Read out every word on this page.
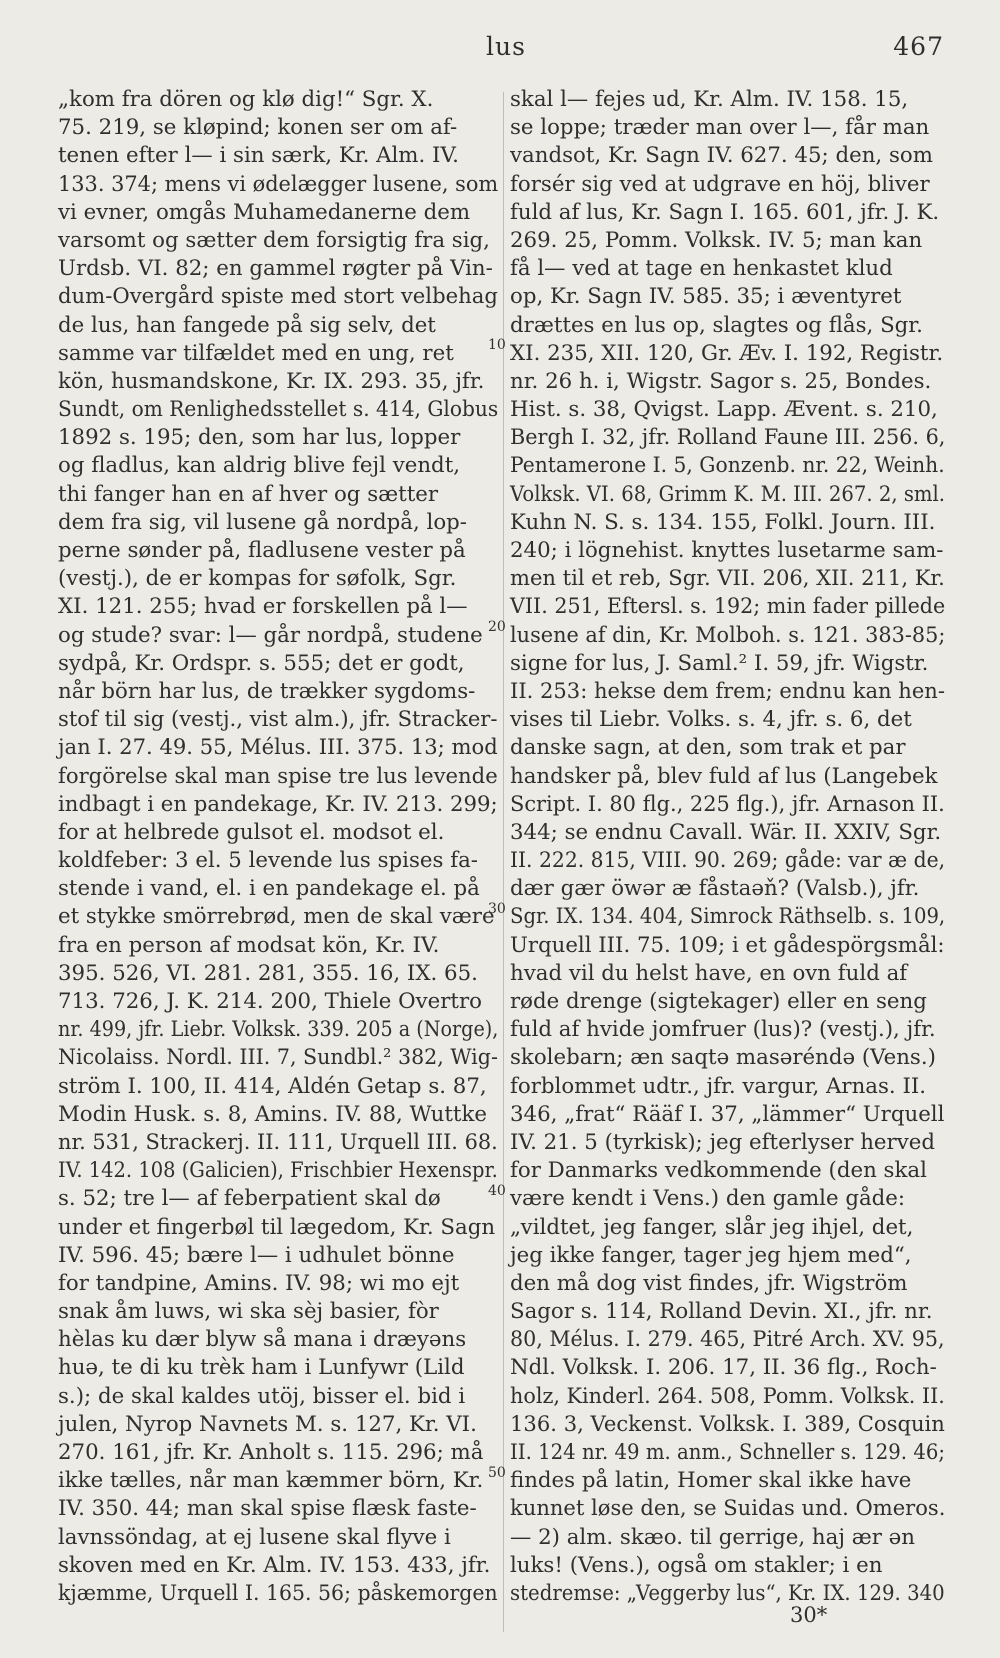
lus	467
„kom fra dören og klø dig!“ Sgr. X.
75. 219, se kløpind; konen ser om af-
tenen efter l— i sin særk, Kr. Alm. IV.
133. 374; mens vi ødelægger lusene, som
vi evner, omgås Muhamedanerne dem
varsomt og sætter dem forsigtig fra sig,
Urdsb. VI. 82; en gammel røgter på Vin-
dum-Overgård spiste med stort velbehag
de lus, han fangede på sig selv, det
samme var tilfældet med en ung, ret
kön, husmandskone, Kr. IX. 293. 35, jfr.
Sundt, om Renlighedsstellet s. 414, Globus
1892 s. 195; den, som har lus, lopper
og fladlus, kan aldrig blive fejl vendt,
thi fanger han en af hver og sætter
dem fra sig, vil lusene gå nordpå, lop-
perne sønder på, fladlusene vester på
(vestj.), de er kompas for søfolk, Sgr.
XI. 121. 255; hvad er forskellen på l—
og stude? svar: l— går nordpå, studene
sydpå, Kr. Ordspr. s. 555; det er godt,
når börn har lus, de trækker sygdoms-
stof til sig (vestj., vist alm.), jfr. Stracker-
jan I. 27. 49. 55, Mélus. III. 375. 13; mod
forgörelse skal man spise tre lus levende
indbagt i en pandekage, Kr. IV. 213. 299;
for at helbrede gulsot el. modsot el.
koldfeber: 3 el. 5 levende lus spises fa-
stende i vand, el. i en pandekage el. på
et stykke smörrebrød, men de skal være
fra en person af modsat kön, Kr. IV.
395. 526, VI. 281. 281, 355. 16, IX. 65.
713. 726, J. K. 214. 200, Thiele Overtro
nr. 499, jfr. Liebr. Volksk. 339. 205 a (Norge),
Nicolaiss. Nordl. III. 7, Sundbl.² 382, Wig-
ström I. 100, II. 414, Aldén Getap s. 87,
Modin Husk. s. 8, Amins. IV. 88, Wuttke
nr. 531, Strackerj. II. 111, Urquell III. 68.
IV. 142. 108 (Galicien), Frischbier Hexenspr.
s. 52; tre l— af feberpatient skal dø
under et fingerbøl til lægedom, Kr. Sagn
IV. 596. 45; bære l— i udhulet bönne
for tandpine, Amins. IV. 98; wi mo ejt
snak åm luws, wi ska sèj basier, fòr
hèlas ku dær blyw så mana i dræyəns
huə, te di ku trèk ham i Lunfywr (Lild
s.); de skal kaldes utöj, bisser el. bid i
julen, Nyrop Navnets M. s. 127, Kr. VI.
270. 161, jfr. Kr. Anholt s. 115. 296; må
ikke tælles, når man kæmmer börn, Kr.
IV. 350. 44; man skal spise flæsk faste-
lavnssöndag, at ej lusene skal flyve i
skoven med en Kr. Alm. IV. 153. 433, jfr.
kjæmme, Urquell I. 165. 56; påskemorgen
skal l— fejes ud, Kr. Alm. IV. 158. 15,
se loppe; træder man over l—, får man
vandsot, Kr. Sagn IV. 627. 45; den, som
forsér sig ved at udgrave en höj, bliver
fuld af lus, Kr. Sagn I. 165. 601, jfr. J. K.
269. 25, Pomm. Volksk. IV. 5; man kan
få l— ved at tage en henkastet klud
op, Kr. Sagn IV. 585. 35; i æventyret
drættes en lus op, slagtes og flås, Sgr.
XI. 235, XII. 120, Gr. Æv. I. 192, Registr.
nr. 26 h. i, Wigstr. Sagor s. 25, Bondes.
Hist. s. 38, Qvigst. Lapp. Ævent. s. 210,
Bergh I. 32, jfr. Rolland Faune III. 256. 6,
Pentamerone I. 5, Gonzenb. nr. 22, Weinh.
Volksk. VI. 68, Grimm K. M. III. 267. 2, sml.
Kuhn N. S. s. 134. 155, Folkl. Journ. III.
240; i lögnehist. knyttes lusetarme sam-
men til et reb, Sgr. VII. 206, XII. 211, Kr.
VII. 251, Eftersl. s. 192; min fader pillede
lusene af din, Kr. Molboh. s. 121. 383-85;
signe for lus, J. Saml.² I. 59, jfr. Wigstr.
II. 253: hekse dem frem; endnu kan hen-
vises til Liebr. Volks. s. 4, jfr. s. 6, det
danske sagn, at den, som trak et par
handsker på, blev fuld af lus (Langebek
Script. I. 80 flg., 225 flg.), jfr. Arnason II.
344; se endnu Cavall. Wär. II. XXIV, Sgr.
II. 222. 815, VIII. 90. 269; gåde: var æ de,
dær gær öwər æ fåstaəň? (Valsb.), jfr.
Sgr. IX. 134. 404, Simrock Räthselb. s. 109,
Urquell III. 75. 109; i et gådespörgsmål:
hvad vil du helst have, en ovn fuld af
røde drenge (sigtekager) eller en seng
fuld af hvide jomfruer (lus)? (vestj.), jfr.
skolebarn; æn saqtə masəréndə (Vens.)
forblommet udtr., jfr. vargur, Arnas. II.
346, „frat“ Rääf I. 37, „lämmer“ Urquell
IV. 21. 5 (tyrkisk); jeg efterlyser herved
for Danmarks vedkommende (den skal
være kendt i Vens.) den gamle gåde:
„vildtet, jeg fanger, slår jeg ihjel, det,
jeg ikke fanger, tager jeg hjem med“,
den må dog vist findes, jfr. Wigström
Sagor s. 114, Rolland Devin. XI., jfr. nr.
80, Mélus. I. 279. 465, Pitré Arch. XV. 95,
Ndl. Volksk. I. 206. 17, II. 36 flg., Roch-
holz, Kinderl. 264. 508, Pomm. Volksk. II.
136. 3, Veckenst. Volksk. I. 389, Cosquin
II. 124 nr. 49 m. anm., Schneller s. 129. 46;
findes på latin, Homer skal ikke have
kunnet løse den, se Suidas und. Omeros.
— 2) alm. skæo. til gerrige, haj ær ən
luks! (Vens.), også om stakler; i en
stedremse: „Veggerby lus“, Kr. IX. 129. 340
10
20
30
40
50
30*
